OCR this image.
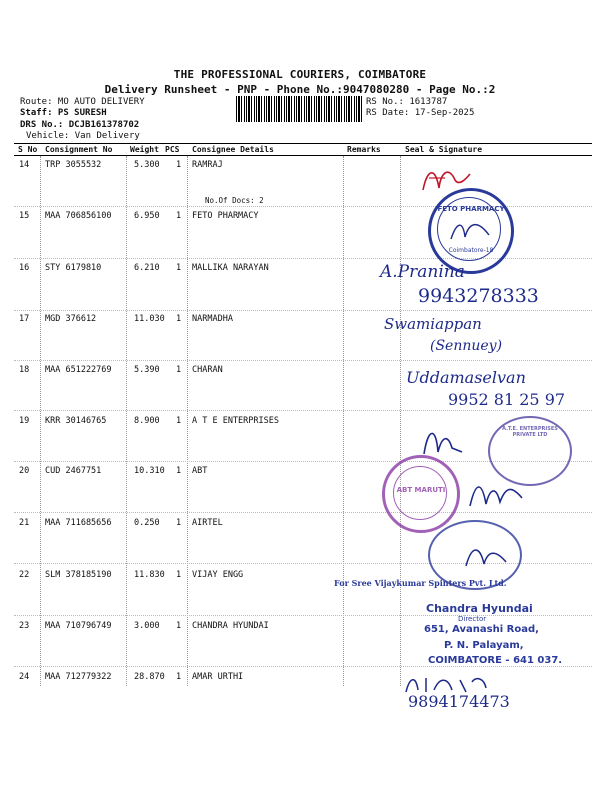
THE PROFESSIONAL COURIERS, COIMBATORE
Delivery Runsheet - PNP - Phone No.:9047080280 - Page No.:2
Route: MO AUTO DELIVERY
Staff: PS SURESH
DRS No.: DCJB161378702
Vehicle: Van Delivery
RS No.: 1613787
RS Date: 17-Sep-2025
S No Consignment No Weight PCS Consignee Details	Remarks	Seal & Signature
14 TRP 3055532	5.300 1 RAMRAJ
No.Of Docs: 2
15 MAA 706856100	6.950 1 FETO PHARMACY
16 STY 6179810	6.210 1 MALLIKA NARAYAN
17 MGD 376612	11.030 1 NARMADHA
18 MAA 651222769	5.390 1 CHARAN
19 KRR 30146765	8.900 1 A T E ENTERPRISES
20 CUD 2467751	10.310 1 ABT
21 MAA 711685656	0.250 1 AIRTEL
22 SLM 378185190	11.830 1 VIJAY ENGG
23 MAA 710796749	3.000 1 CHANDRA HYUNDAI
24 MAA 712779322	28.870 1 AMAR URTHI
FETO PHARMACY
Coimbatore-18
A.Pranina
9943278333
Swamiappan
(Sennuey)
Uddamaselvan
9952 81 25 97
A.T.E. ENTERPRISES PRIVATE LTD
ABT MARUTI
For Sree Vijaykumar Spinters Pvt. Ltd.
Chandra Hyundai
Director
651, Avanashi Road,
P. N. Palayam,
COIMBATORE - 641 037.
9894174473
